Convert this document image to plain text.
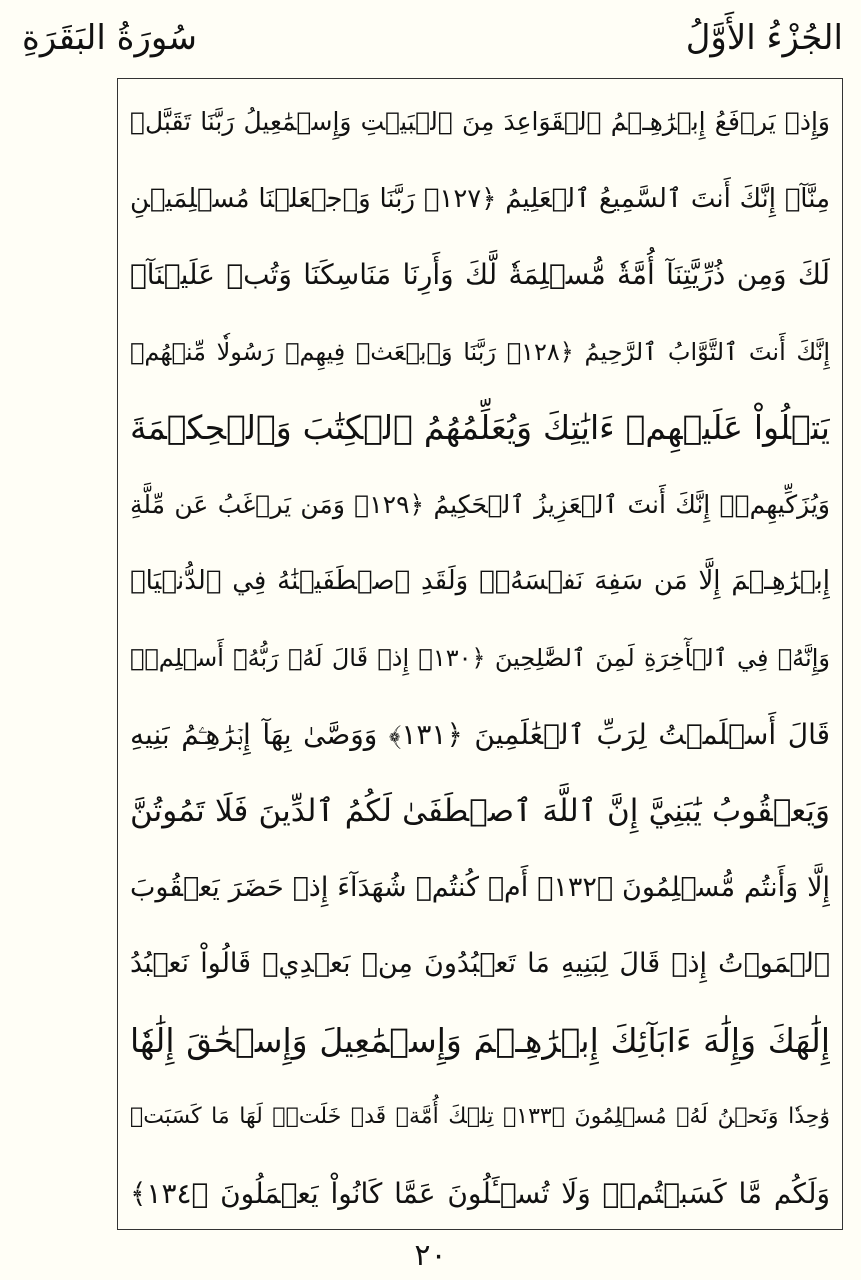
الجُزْءُ الأَوَّلُ
سُورَةُ البَقَرَةِ
وَإِذۡ يَرۡفَعُ إِبۡرَٰهِـۧمُ ٱلۡقَوَاعِدَ مِنَ ٱلۡبَيۡتِ وَإِسۡمَٰعِيلُ رَبَّنَا تَقَبَّلۡ
مِنَّآۖ إِنَّكَ أَنتَ ٱلسَّمِيعُ ٱلۡعَلِيمُ ﴿١٢٧﴾ رَبَّنَا وَٱجۡعَلۡنَا مُسۡلِمَيۡنِ
لَكَ وَمِن ذُرِّيَّتِنَآ أُمَّةٗ مُّسۡلِمَةٗ لَّكَ وَأَرِنَا مَنَاسِكَنَا وَتُبۡ عَلَيۡنَآۖ
إِنَّكَ أَنتَ ٱلتَّوَّابُ ٱلرَّحِيمُ ﴿١٢٨﴾ رَبَّنَا وَٱبۡعَثۡ فِيهِمۡ رَسُولٗا مِّنۡهُمۡ
يَتۡلُواْ عَلَيۡهِمۡ ءَايَٰتِكَ وَيُعَلِّمُهُمُ ٱلۡكِتَٰبَ وَٱلۡحِكۡمَةَ
وَيُزَكِّيهِمۡۖ إِنَّكَ أَنتَ ٱلۡعَزِيزُ ٱلۡحَكِيمُ ﴿١٢٩﴾ وَمَن يَرۡغَبُ عَن مِّلَّةِ
إِبۡرَٰهِـۧمَ إِلَّا مَن سَفِهَ نَفۡسَهُۥۚ وَلَقَدِ ٱصۡطَفَيۡنَٰهُ فِي ٱلدُّنۡيَاۖ
وَإِنَّهُۥ فِي ٱلۡأٓخِرَةِ لَمِنَ ٱلصَّٰلِحِينَ ﴿١٣٠﴾ إِذۡ قَالَ لَهُۥ رَبُّهُۥٓ أَسۡلِمۡۖ
قَالَ أَسۡلَمۡتُ لِرَبِّ ٱلۡعَٰلَمِينَ ﴿١٣١﴾ وَوَصَّىٰ بِهَآ إِبۡرَٰهِـۧمُ بَنِيهِ
وَيَعۡقُوبُ يَٰبَنِيَّ إِنَّ ٱللَّهَ ٱصۡطَفَىٰ لَكُمُ ٱلدِّينَ فَلَا تَمُوتُنَّ
إِلَّا وَأَنتُم مُّسۡلِمُونَ ﴿١٣٢﴾ أَمۡ كُنتُمۡ شُهَدَآءَ إِذۡ حَضَرَ يَعۡقُوبَ
ٱلۡمَوۡتُ إِذۡ قَالَ لِبَنِيهِ مَا تَعۡبُدُونَ مِنۢ بَعۡدِيۖ قَالُواْ نَعۡبُدُ
إِلَٰهَكَ وَإِلَٰهَ ءَابَآئِكَ إِبۡرَٰهِـۧمَ وَإِسۡمَٰعِيلَ وَإِسۡحَٰقَ إِلَٰهٗا
وَٰحِدٗا وَنَحۡنُ لَهُۥ مُسۡلِمُونَ ﴿١٣٣﴾ تِلۡكَ أُمَّةٞ قَدۡ خَلَتۡۖ لَهَا مَا كَسَبَتۡ
وَلَكُم مَّا كَسَبۡتُمۡۖ وَلَا تُسۡـَٔلُونَ عَمَّا كَانُواْ يَعۡمَلُونَ ﴿١٣٤﴾
٢٠
